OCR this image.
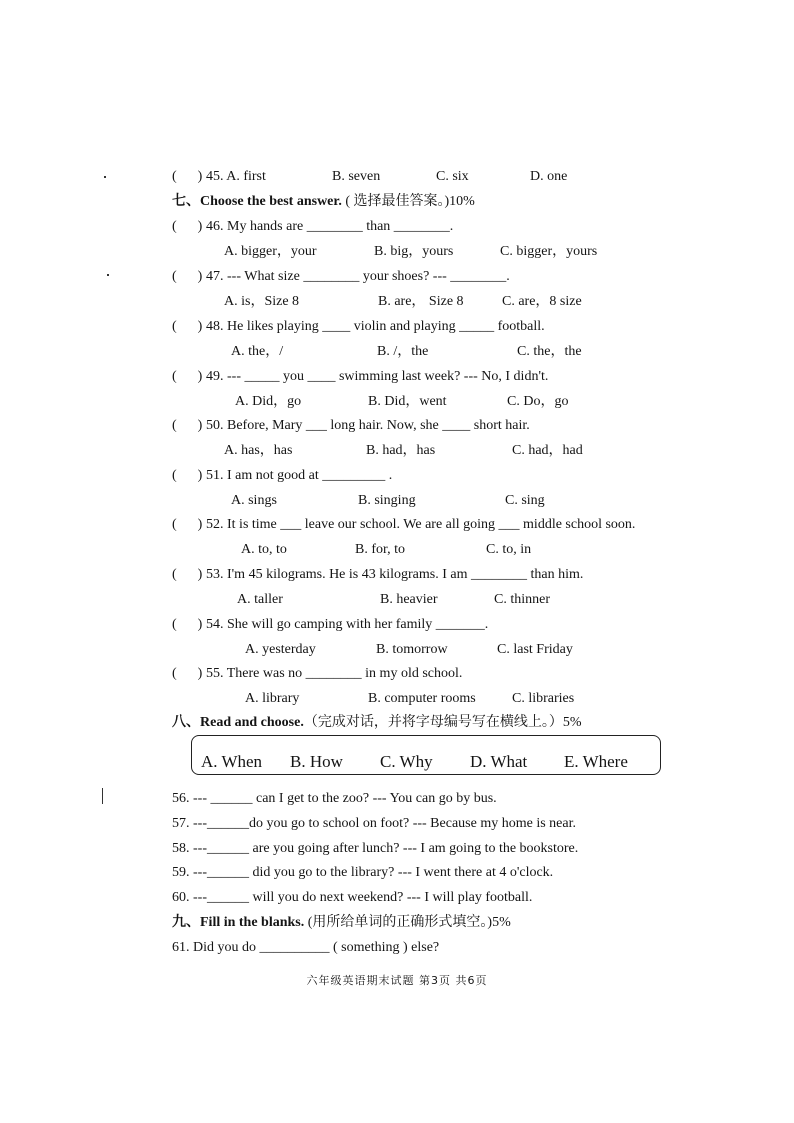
(      ) 45. A. first	B. seven	C. six	D. one
七、Choose the best answer. ( 选择最佳答案。)10%
(      ) 46. My hands are ________ than ________.
A. bigger，your	B. big，yours	C. bigger，yours
(      ) 47. --- What size ________ your shoes? --- ________.
A. is，Size 8	B. are， Size 8	C. are，8 size
(      ) 48. He likes playing ____ violin and playing _____ football.
A. the，/	B. /，the	C. the，the
(      ) 49. --- _____ you ____ swimming last week? --- No, I didn't.
A. Did，go	B. Did，went	C. Do，go
(      ) 50. Before, Mary ___ long hair. Now, she ____ short hair.
A. has，has	B. had，has	C. had，had
(      ) 51. I am not good at _________ .
A. sings	B. singing	C. sing
(      ) 52. It is time ___ leave our school. We are all going ___ middle school soon.
A. to, to	B. for, to	C. to, in
(      ) 53. I'm 45 kilograms. He is 43 kilograms. I am ________ than him.
A. taller	B. heavier	C. thinner
(      ) 54. She will go camping with her family _______.
A. yesterday	B. tomorrow	C. last Friday
(      ) 55. There was no ________ in my old school.
A. library	B. computer rooms	C. libraries
八、Read and choose.（完成对话，并将字母编号写在横线上。）5%
A. When B. How C. Why D. What E. Where
56. --- ______ can I get to the zoo? --- You can go by bus.
57. ---______do you go to school on foot? --- Because my home is near.
58. ---______ are you going after lunch? --- I am going to the bookstore.
59. ---______ did you go to the library? --- I went there at 4 o'clock.
60. ---______ will you do next weekend? --- I will play football.
九、Fill in the blanks. (用所给单词的正确形式填空。)5%
61. Did you do __________ ( something ) else?
六年级英语期末试题 第3页 共6页
